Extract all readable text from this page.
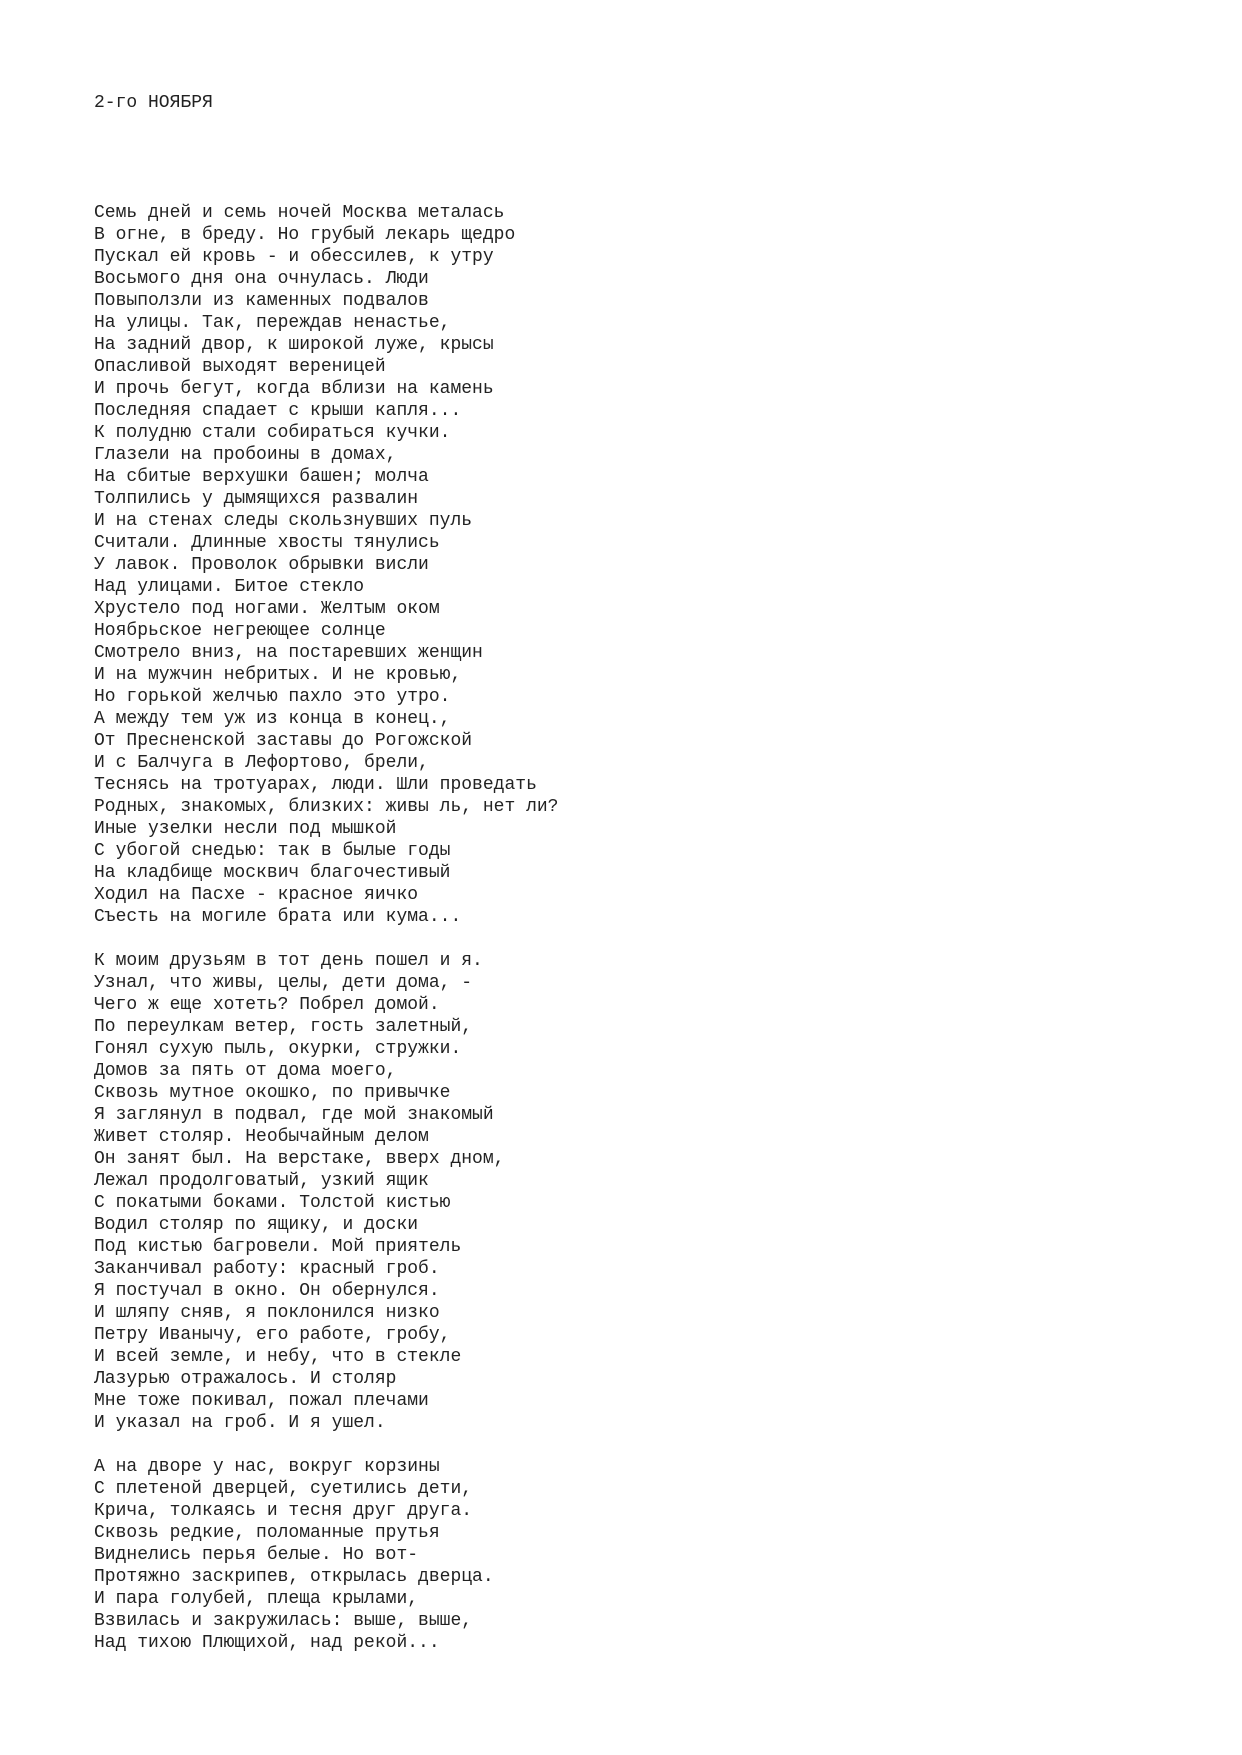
2-го НОЯБРЯ
Семь дней и семь ночей Москва металась
В огне, в бреду. Но грубый лекарь щедро
Пускал ей кровь - и обессилев, к утру
Восьмого дня она очнулась. Люди
Повыползли из каменных подвалов
На улицы. Так, переждав ненастье,
На задний двор, к широкой луже, крысы
Опасливой выходят вереницей
И прочь бегут, когда вблизи на камень
Последняя спадает с крыши капля...
К полудню стали собираться кучки.
Глазели на пробоины в домах,
На сбитые верхушки башен; молча
Толпились у дымящихся развалин
И на стенах следы скользнувших пуль
Считали. Длинные хвосты тянулись
У лавок. Проволок обрывки висли
Над улицами. Битое стекло
Хрустело под ногами. Желтым оком
Ноябрьское негреющее солнце
Смотрело вниз, на постаревших женщин
И на мужчин небритых. И не кровью,
Но горькой желчью пахло это утро.
А между тем уж из конца в конец.,
От Пресненской заставы до Рогожской
И с Балчуга в Лефортово, брели,
Теснясь на тротуарах, люди. Шли проведать
Родных, знакомых, близких: живы ль, нет ли?
Иные узелки несли под мышкой
С убогой снедью: так в былые годы
На кладбище москвич благочестивый
Ходил на Пасхе - красное яичко
Съесть на могиле брата или кума...
К моим друзьям в тот день пошел и я.
Узнал, что живы, целы, дети дома, -
Чего ж еще хотеть? Побрел домой.
По переулкам ветер, гость залетный,
Гонял сухую пыль, окурки, стружки.
Домов за пять от дома моего,
Сквозь мутное окошко, по привычке
Я заглянул в подвал, где мой знакомый
Живет столяр. Необычайным делом
Он занят был. На верстаке, вверх дном,
Лежал продолговатый, узкий ящик
С покатыми боками. Толстой кистью
Водил столяр по ящику, и доски
Под кистью багровели. Мой приятель
Заканчивал работу: красный гроб.
Я постучал в окно. Он обернулся.
И шляпу сняв, я поклонился низко
Петру Иванычу, его работе, гробу,
И всей земле, и небу, что в стекле
Лазурью отражалось. И столяр
Мне тоже покивал, пожал плечами
И указал на гроб. И я ушел.
А на дворе у нас, вокруг корзины
С плетеной дверцей, суетились дети,
Крича, толкаясь и тесня друг друга.
Сквозь редкие, поломанные прутья
Виднелись перья белые. Но вот-
Протяжно заскрипев, открылась дверца.
И пара голубей, плеща крылами,
Взвилась и закружилась: выше, выше,
Над тихою Плющихой, над рекой...
